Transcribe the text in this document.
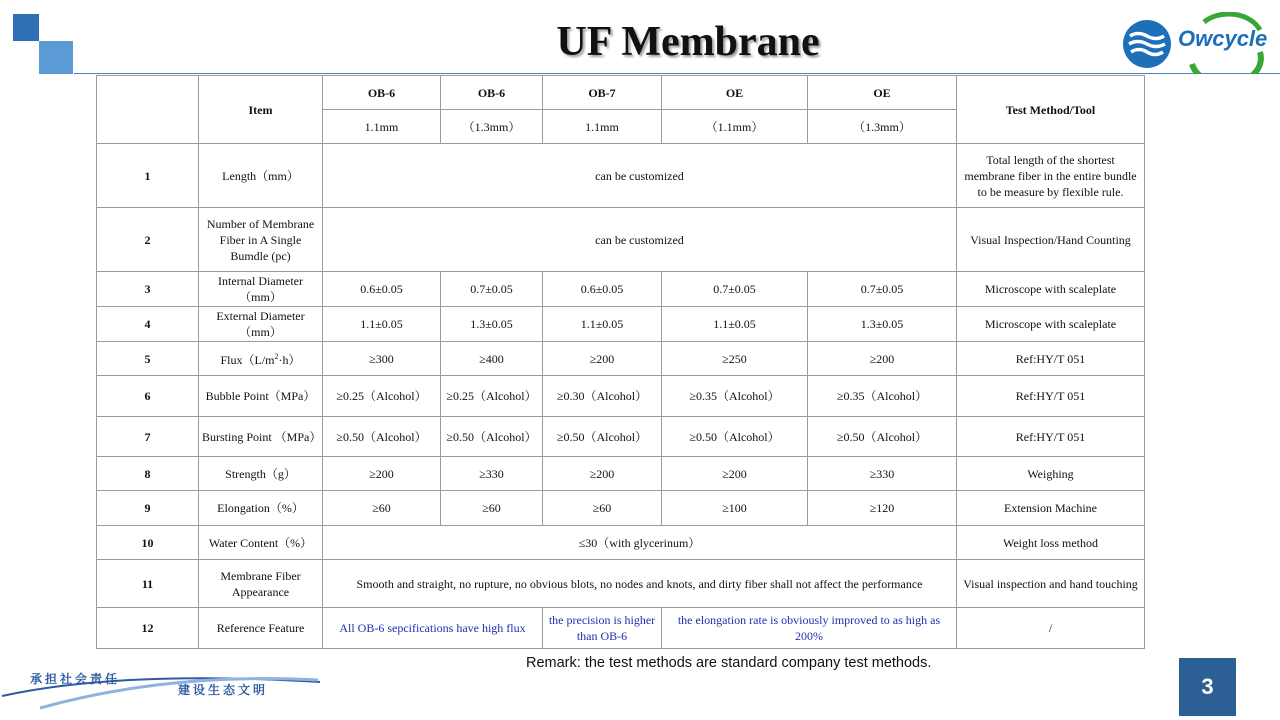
UF Membrane	Owcycle
	Item	OB-6	OB-6	OB-7	OE	OE	Test Method/Tool
		1.1mm	（1.3mm）	1.1mm	（1.1mm）	（1.3mm）	
1	Length（mm）	can be customized					Total length of the shortest membrane fiber in the entire bundle to be measure by flexible rule.
2	Number of Membrane Fiber in A Single Bumdle (pc)	can be customized					Visual Inspection/Hand Counting
3	Internal Diameter （mm）	0.6±0.05	0.7±0.05	0.6±0.05	0.7±0.05	0.7±0.05	Microscope with scaleplate
4	External Diameter （mm）	1.1±0.05	1.3±0.05	1.1±0.05	1.1±0.05	1.3±0.05	Microscope with scaleplate
5	$Flux(L/m^2\cdot h)$	≥300	≥400	≥200	≥250	≥200	Ref:HY/T 051
6	Bubble Point（MPa）	≥0.25（Alcohol）	≥0.25（Alcohol）	≥0.30（Alcohol）	≥0.35（Alcohol）	≥0.35（Alcohol）	Ref:HY/T 051
7	Bursting Point （MPa）	≥0.50（Alcohol）	≥0.50（Alcohol）	≥0.50（Alcohol）	≥0.50（Alcohol）	≥0.50（Alcohol）	Ref:HY/T 051
8	Strength（g）	≥200	≥330	≥200	≥200	≥330	Weighing
9	Elongation（%）	≥60	≥60	≥60	≥100	≥120	Extension Machine
10	Water Content（%）	≤30（with glycerinum）					Weight loss method
11	Membrane Fiber Appearance	Smooth and straight, no rupture, no obvious blots, no nodes and knots, and dirty fiber shall not affect the performance					Visual inspection and hand touching
12	Reference Feature	All OB-6 sepcifications have high flux		the precision is higher than OB-6	the elongation rate is obviously improved to as high as 200%		/
Remark: the test methods are standard company test methods.
承担社会责任
建设生态文明	3
